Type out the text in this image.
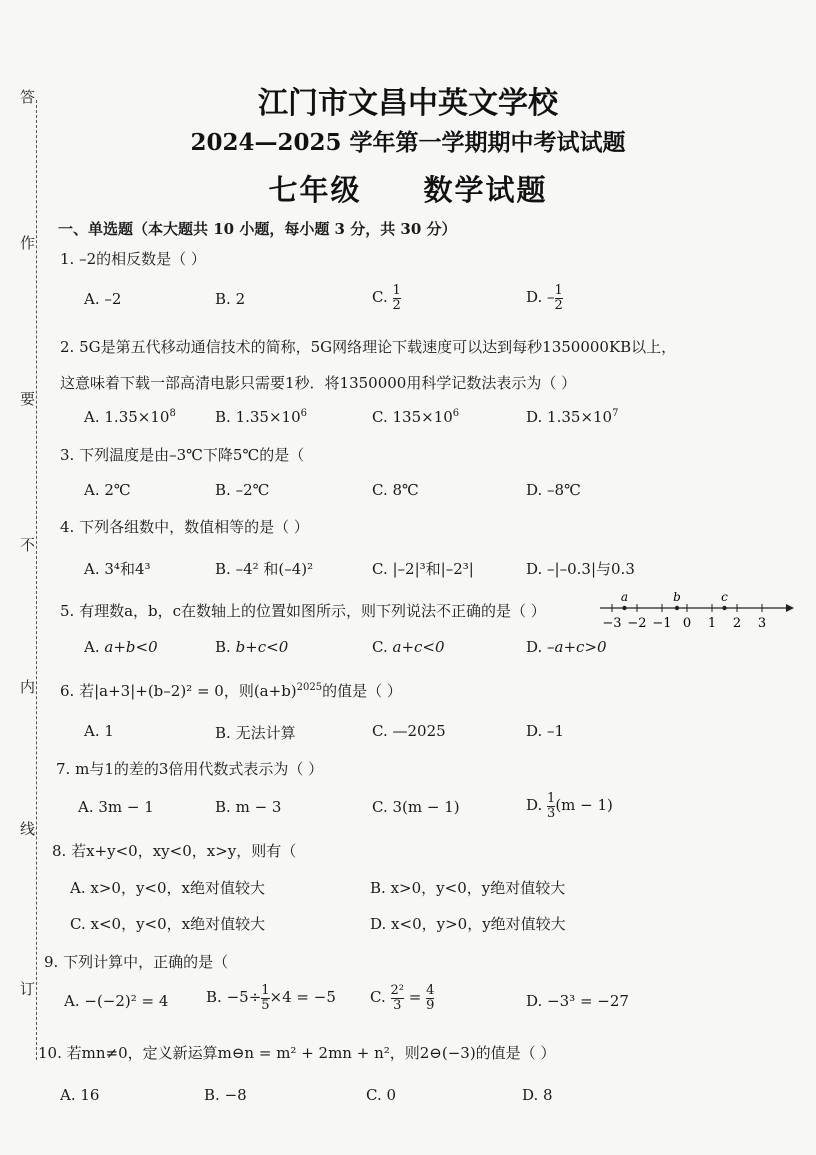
答
作
要
不
内
线
订
江门市文昌中英文学校
2024—2025 学年第一学期期中考试试题
七年级　　数学试题
一、单选题（本大题共 10 小题，每小题 3 分，共 30 分）
1. –2的相反数是（ ）
A. –2	B. 2	C. $\frac{1}{2}$	D. – $\frac{1}{2}$
2. 5G是第五代移动通信技术的简称，5G网络理论下载速度可以达到每秒1350000KB以上，
这意味着下载一部高清电影只需要1秒．将1350000用科学记数法表示为（ ）
A. $1.35\times 10^8$	B. $1.35\times 10^6$	C. $135\times 10^6$	D. $1.35\times 10^7$
3. 下列温度是由–3℃下降5℃的是（
A. 2℃	B. –2℃	C. 8℃	D. –8℃
4. 下列各组数中，数值相等的是（ ）
A. 3⁴和4³	B. –4² 和(–4)²	C. |–2|³和|–2³|	D. –|–0.3|与0.3
5. 有理数a，b，c在数轴上的位置如图所示，则下列说法不正确的是（ ）
−3 −2 −1 0 1 2 3
a	b	c
A. a+b<0	B. b+c<0	C. a+c<0	D. –a+c>0
6. 若|a+3|+(b–2)² = 0，则$(a+b)^{2025}$的值是（ ）
A. 1	B. 无法计算	C. —2025	D. –1
7. m与1的差的3倍用代数式表示为（ ）
A. 3m − 1	B. m − 3	C. 3(m − 1)	D. $\frac{1}{3} (m - 1)$
8. 若x+y<0，xy<0，x>y，则有（
A. x>0，y<0，x绝对值较大	B. x>0，y<0，y绝对值较大
C. x<0，y<0，x绝对值较大	D. x<0，y>0，y绝对值较大
9. 下列计算中，正确的是（
A. −(−2)² = 4	B. $-5\div \frac{1}{5} \times 4 = -5$ C. $\frac{\text{2²}}{3} = \frac{4}{9}$	D. −3³ = −27
10. 若mn≠0，定义新运算m⊖n = m² + 2mn + n²，则2⊖(−3)的值是（ ）
A. 16	B. −8	C. 0	D. 8
